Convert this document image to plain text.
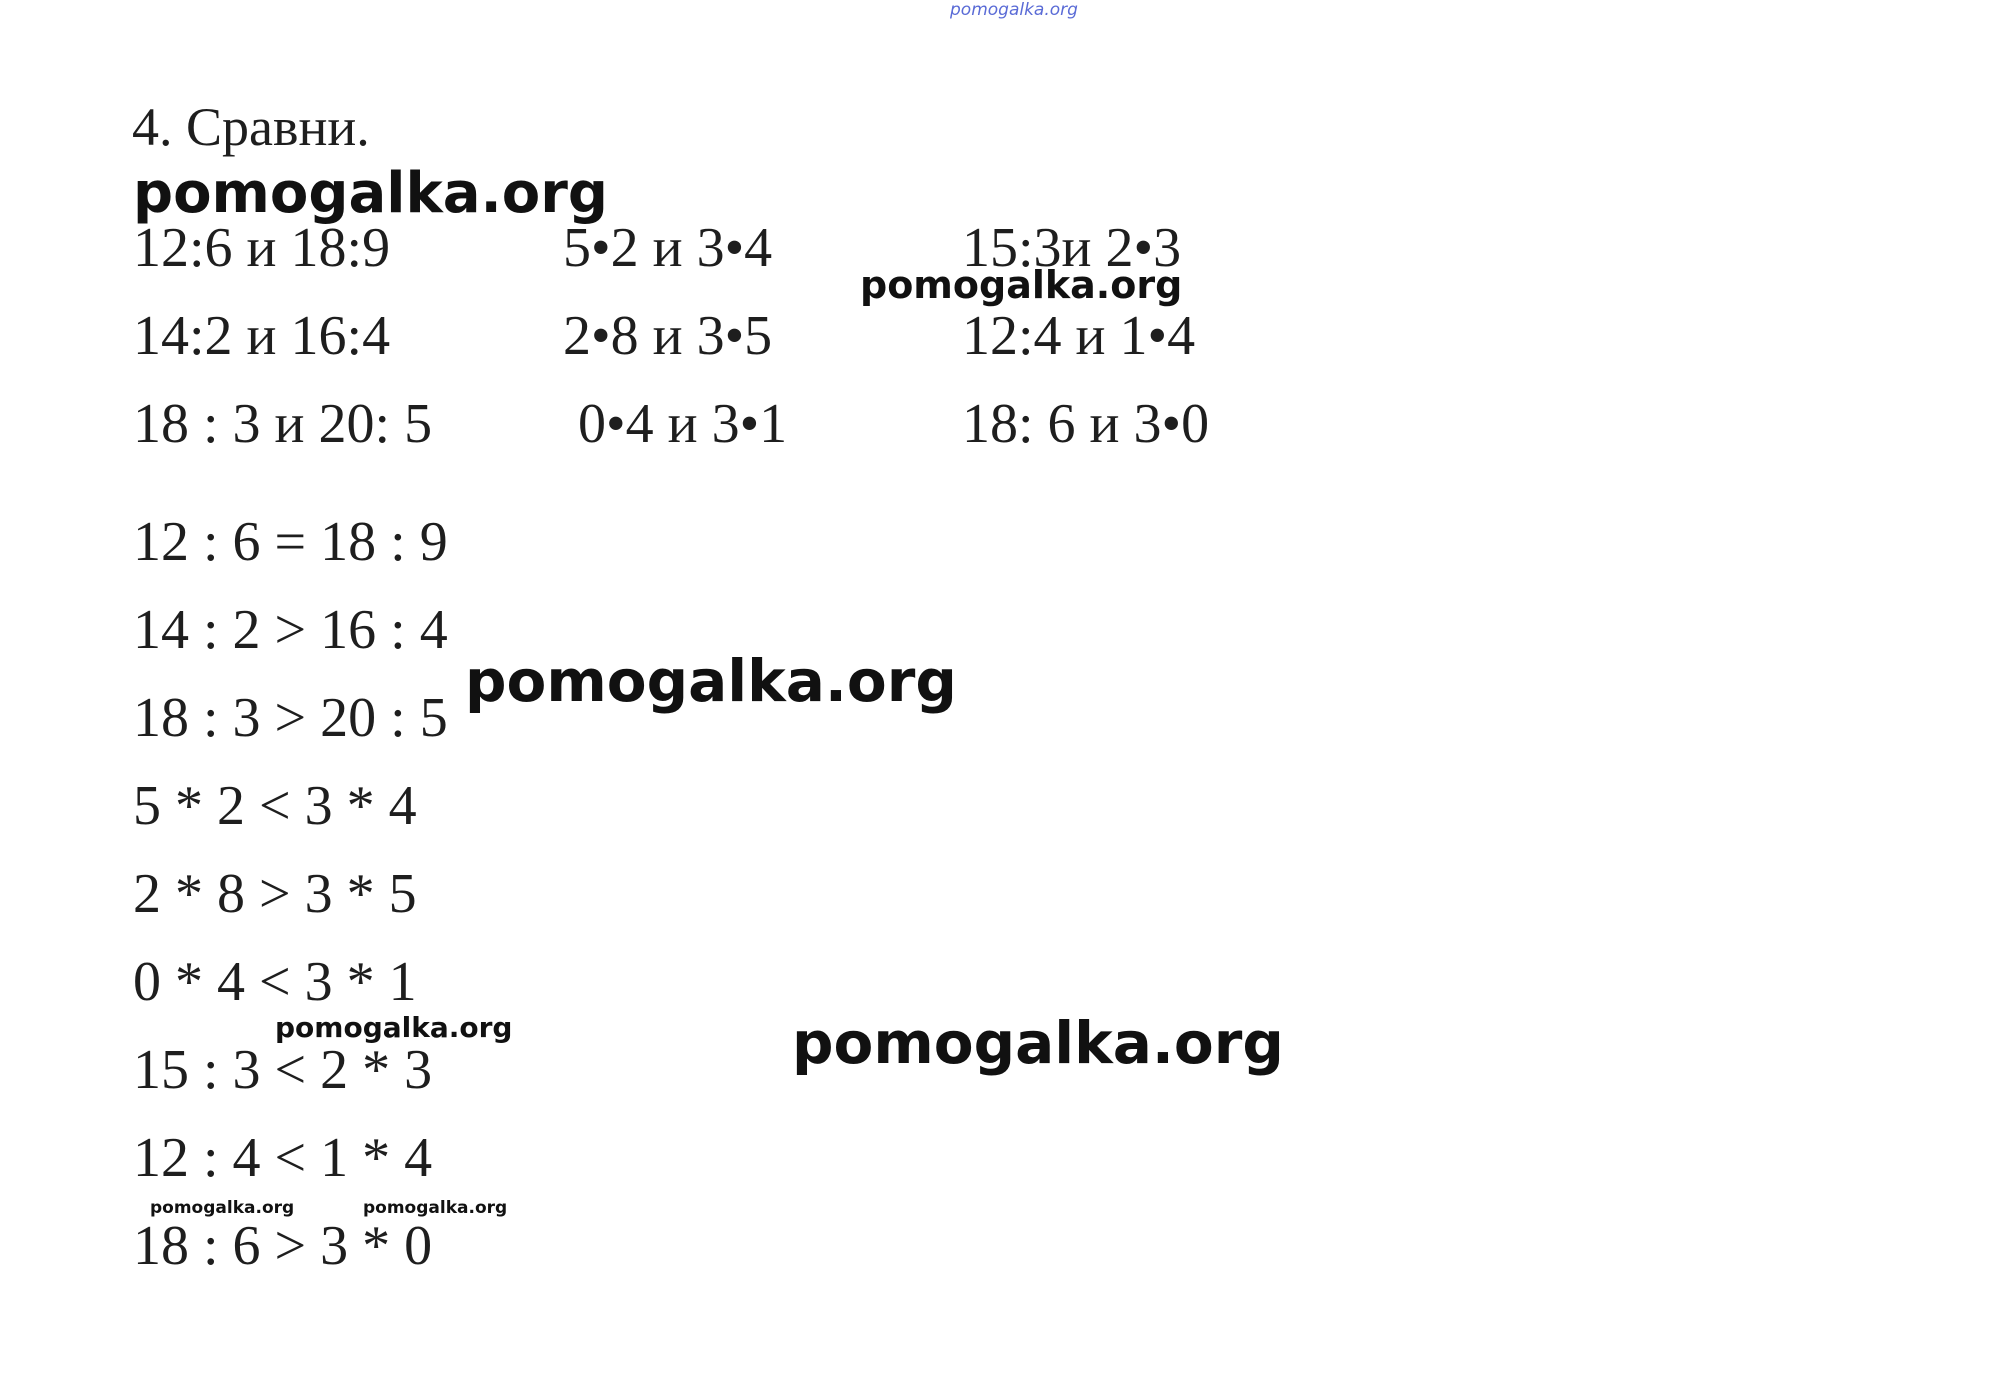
pomogalka.org
4. Сравни.
pomogalka.org
12:6 и 18:9
14:2 и 16:4
18 : 3 и 20: 5
5•2 и 3•4
2•8 и 3•5
0•4 и 3•1
15:3и 2•3
12:4 и 1•4
18: 6 и 3•0
pomogalka.org
12 : 6 = 18 : 9
14 : 2 > 16 : 4
18 : 3 > 20 : 5
5 * 2 < 3 * 4
2 * 8 > 3 * 5
0 * 4 < 3 * 1
15 : 3 < 2 * 3
12 : 4 < 1 * 4
18 : 6 > 3 * 0
pomogalka.org
pomogalka.org	pomogalka.org
pomogalka.org	pomogalka.org
